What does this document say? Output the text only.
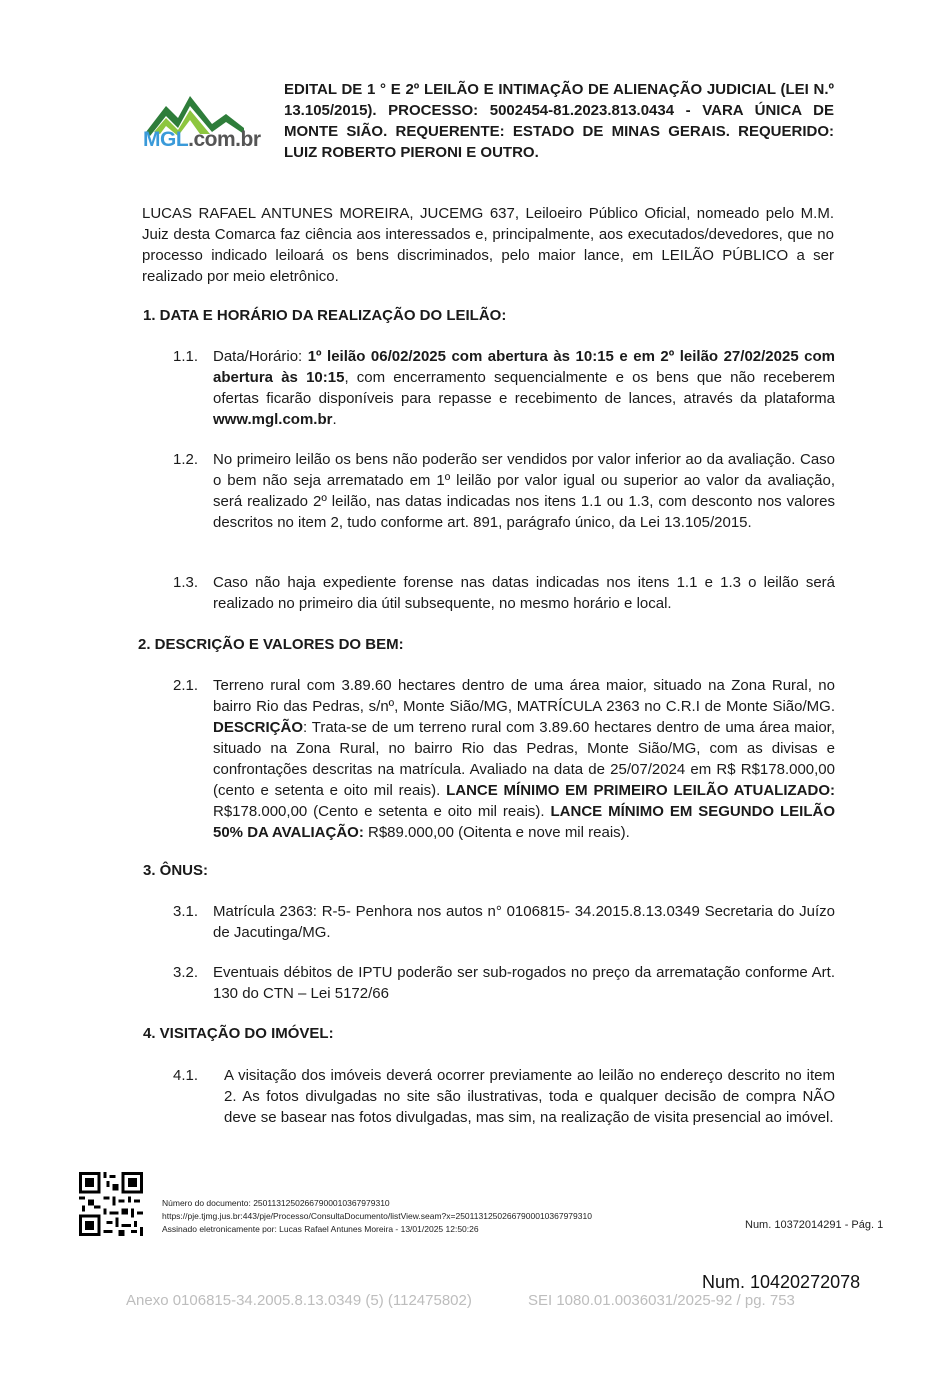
MGL.com.br
EDITAL DE 1 ° E 2º LEILÃO E INTIMAÇÃO DE ALIENAÇÃO JUDICIAL (LEI N.º 13.105/2015). PROCESSO: 5002454-81.2023.813.0434 - VARA ÚNICA DE MONTE SIÃO. REQUERENTE: ESTADO DE MINAS GERAIS. REQUERIDO: LUIZ ROBERTO PIERONI E OUTRO.
LUCAS RAFAEL ANTUNES MOREIRA, JUCEMG 637, Leiloeiro Público Oficial, nomeado pelo M.M. Juiz desta Comarca faz ciência aos interessados e, principalmente, aos executados/devedores, que no processo indicado leiloará os bens discriminados, pelo maior lance, em LEILÃO PÚBLICO a ser realizado por meio eletrônico.
1. DATA E HORÁRIO DA REALIZAÇÃO DO LEILÃO:
1.1. Data/Horário: 1º leilão 06/02/2025 com abertura às 10:15 e em 2º leilão 27/02/2025 com abertura às 10:15, com encerramento sequencialmente e os bens que não receberem ofertas ficarão disponíveis para repasse e recebimento de lances, através da plataforma www.mgl.com.br.
1.2. No primeiro leilão os bens não poderão ser vendidos por valor inferior ao da avaliação. Caso o bem não seja arrematado em 1º leilão por valor igual ou superior ao valor da avaliação, será realizado 2º leilão, nas datas indicadas nos itens 1.1 ou 1.3, com desconto nos valores descritos no item 2, tudo conforme art. 891, parágrafo único, da Lei 13.105/2015.
1.3. Caso não haja expediente forense nas datas indicadas nos itens 1.1 e 1.3 o leilão será realizado no primeiro dia útil subsequente, no mesmo horário e local.
2. DESCRIÇÃO E VALORES DO BEM:
2.1. Terreno rural com 3.89.60 hectares dentro de uma área maior, situado na Zona Rural, no bairro Rio das Pedras, s/nº, Monte Sião/MG, MATRÍCULA 2363 no C.R.I de Monte Sião/MG. DESCRIÇÃO: Trata-se de um terreno rural com 3.89.60 hectares dentro de uma área maior, situado na Zona Rural, no bairro Rio das Pedras, Monte Sião/MG, com as divisas e confrontações descritas na matrícula. Avaliado na data de 25/07/2024 em R$ R$178.000,00 (cento e setenta e oito mil reais). LANCE MÍNIMO EM PRIMEIRO LEILÃO ATUALIZADO: R$178.000,00 (Cento e setenta e oito mil reais). LANCE MÍNIMO EM SEGUNDO LEILÃO 50% DA AVALIAÇÃO: R$89.000,00 (Oitenta e nove mil reais).
3. ÔNUS:
3.1. Matrícula 2363: R-5- Penhora nos autos n° 0106815- 34.2015.8.13.0349 Secretaria do Juízo de Jacutinga/MG.
3.2. Eventuais débitos de IPTU poderão ser sub-rogados no preço da arrematação conforme Art. 130 do CTN – Lei 5172/66
4. VISITAÇÃO DO IMÓVEL:
4.1. A visitação dos imóveis deverá ocorrer previamente ao leilão no endereço descrito no item 2. As fotos divulgadas no site são ilustrativas, toda e qualquer decisão de compra NÃO deve se basear nas fotos divulgadas, mas sim, na realização de visita presencial ao imóvel.
Número do documento: 25011312502667900010367979310
https://pje.tjmg.jus.br:443/pje/Processo/ConsultaDocumento/listView.seam?x=25011312502667900010367979310
Assinado eletronicamente por: Lucas Rafael Antunes Moreira - 13/01/2025 12:50:26	Num. 10372014291 - Pág. 1
Num. 10420272078
Anexo 0106815-34.2005.8.13.0349 (5) (112475802)	SEI 1080.01.0036031/2025-92 / pg. 753
